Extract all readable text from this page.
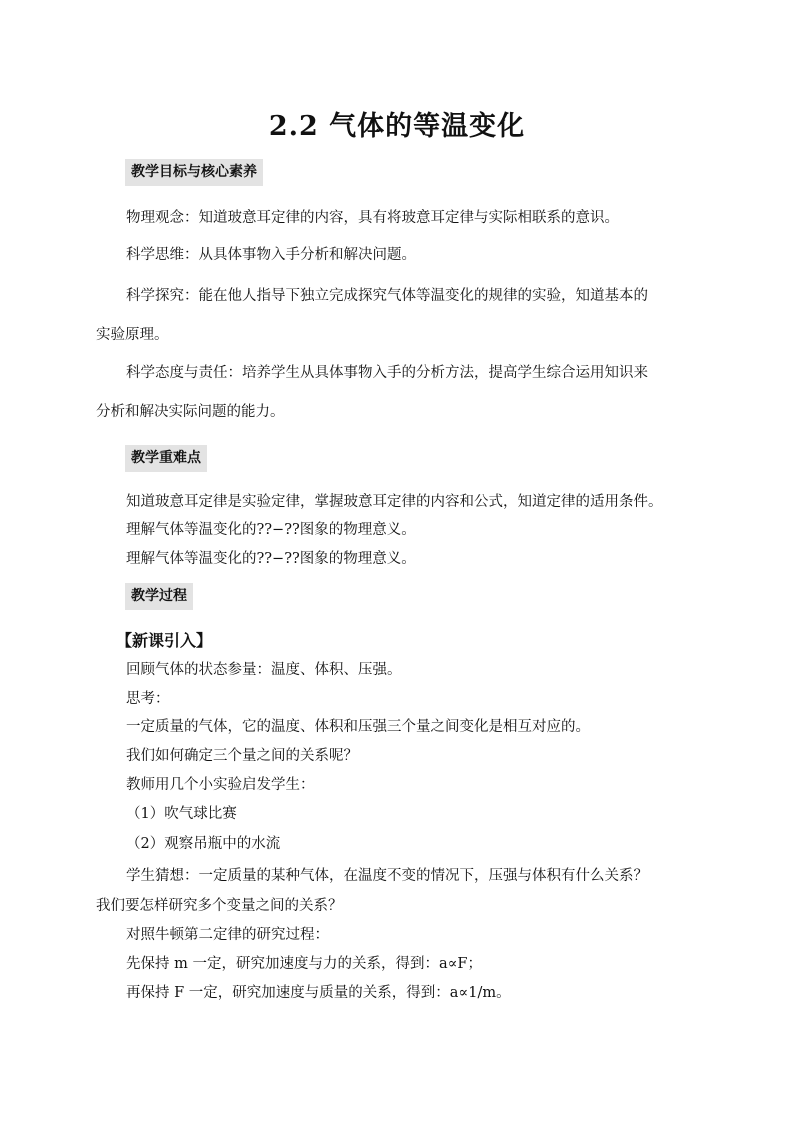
2.2 气体的等温变化
教学目标与核心素养
物理观念：知道玻意耳定律的内容，具有将玻意耳定律与实际相联系的意识。
科学思维：从具体事物入手分析和解决问题。
科学探究：能在他人指导下独立完成探究气体等温变化的规律的实验，知道基本的
实验原理。
科学态度与责任：培养学生从具体事物入手的分析方法，提高学生综合运用知识来
分析和解决实际问题的能力。
教学重难点
知道玻意耳定律是实验定律，掌握玻意耳定律的内容和公式，知道定律的适用条件。
理解气体等温变化的??−??图象的物理意义。
理解气体等温变化的??−??图象的物理意义。
教学过程
【新课引入】
回顾气体的状态参量：温度、体积、压强。
思考：
一定质量的气体，它的温度、体积和压强三个量之间变化是相互对应的。
我们如何确定三个量之间的关系呢？
教师用几个小实验启发学生：
（1）吹气球比赛
（2）观察吊瓶中的水流
学生猜想：一定质量的某种气体，在温度不变的情况下，压强与体积有什么关系？
我们要怎样研究多个变量之间的关系？
对照牛顿第二定律的研究过程：
先保持 m 一定，研究加速度与力的关系，得到：a∝F；
再保持 F 一定，研究加速度与质量的关系，得到：a∝1/m。
